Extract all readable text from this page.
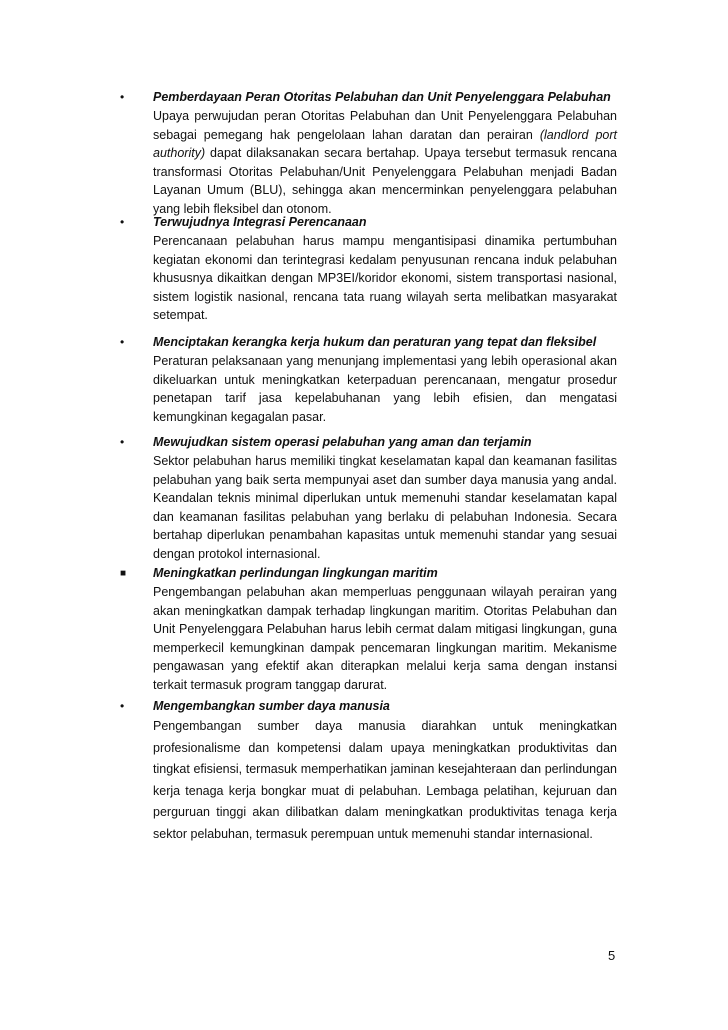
•	Pemberdayaan Peran Otoritas Pelabuhan dan Unit Penyelenggara Pelabuhan
Upaya perwujudan peran Otoritas Pelabuhan dan Unit Penyelenggara Pelabuhan sebagai pemegang hak pengelolaan lahan daratan dan perairan (landlord port authority) dapat dilaksanakan secara bertahap. Upaya tersebut termasuk rencana transformasi Otoritas Pelabuhan/Unit Penyelenggara Pelabuhan menjadi Badan Layanan Umum (BLU), sehingga akan mencerminkan penyelenggara pelabuhan yang lebih fleksibel dan otonom.
•	Terwujudnya Integrasi Perencanaan
Perencanaan pelabuhan harus mampu mengantisipasi dinamika pertumbuhan kegiatan ekonomi dan terintegrasi kedalam penyusunan rencana induk pelabuhan khususnya dikaitkan dengan MP3EI/koridor ekonomi, sistem transportasi nasional, sistem logistik nasional, rencana tata ruang wilayah serta melibatkan masyarakat setempat.
•	Menciptakan kerangka kerja hukum dan peraturan yang tepat dan fleksibel
Peraturan pelaksanaan yang menunjang implementasi yang lebih operasional akan dikeluarkan untuk meningkatkan keterpaduan perencanaan, mengatur prosedur penetapan tarif jasa kepelabuhanan yang lebih efisien, dan mengatasi kemungkinan kegagalan pasar.
•	Mewujudkan sistem operasi pelabuhan yang aman dan terjamin
Sektor pelabuhan harus memiliki tingkat keselamatan kapal dan keamanan fasilitas pelabuhan yang baik serta mempunyai aset dan sumber daya manusia yang andal. Keandalan teknis minimal diperlukan untuk memenuhi standar keselamatan kapal dan keamanan fasilitas pelabuhan yang berlaku di pelabuhan Indonesia. Secara bertahap diperlukan penambahan kapasitas untuk memenuhi standar yang sesuai dengan protokol internasional.
■	Meningkatkan perlindungan lingkungan maritim
Pengembangan pelabuhan akan memperluas penggunaan wilayah perairan yang akan meningkatkan dampak terhadap lingkungan maritim. Otoritas Pelabuhan dan Unit Penyelenggara Pelabuhan harus lebih cermat dalam mitigasi lingkungan, guna memperkecil kemungkinan dampak pencemaran lingkungan maritim. Mekanisme pengawasan yang efektif akan diterapkan melalui kerja sama dengan instansi terkait termasuk program tanggap darurat.
•	Mengembangkan sumber daya manusia
Pengembangan sumber daya manusia diarahkan untuk meningkatkan profesionalisme dan kompetensi dalam upaya meningkatkan produktivitas dan tingkat efisiensi, termasuk memperhatikan jaminan kesejahteraan dan perlindungan kerja tenaga kerja bongkar muat di pelabuhan. Lembaga pelatihan, kejuruan dan perguruan tinggi akan dilibatkan dalam meningkatkan produktivitas tenaga kerja sektor pelabuhan, termasuk perempuan untuk memenuhi standar internasional.
5
